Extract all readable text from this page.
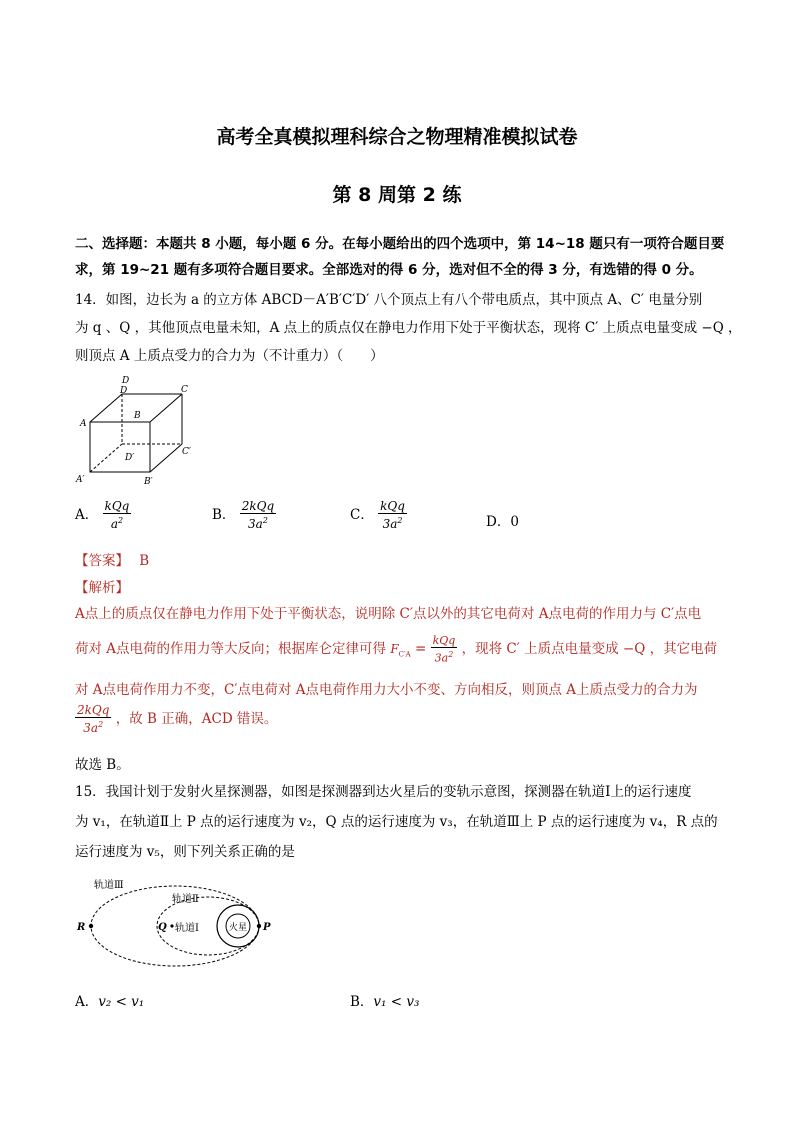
高考全真模拟理科综合之物理精准模拟试卷
第 8 周第 2 练
二、选择题：本题共 8 小题，每小题 6 分。在每小题给出的四个选项中，第 14~18 题只有一项符合题目要
求，第 19~21 题有多项符合题目要求。全部选对的得 6 分，选对但不全的得 3 分，有选错的得 0 分。
14．如图，边长为 a 的立方体 ABCD－A′B′C′D′ 八个顶点上有八个带电质点，其中顶点 A、C′ 电量分别
为 q 、Q ，其他顶点电量未知，A 点上的质点仅在静电力作用下处于平衡状态，现将 C′ 上质点电量变成 −Q ，
则顶点 A 上质点受力的合力为（不计重力）（　　）
D
D	C
A
B
D′
C′
A′	B′
A． $\frac{\text{kQq}}{a^2}$	B． $\frac{\text{2kQq}}{3a^2}$	C． $\frac{\text{kQq}}{3a^2}$	D．0
【答案】 B
【解析】
A点上的质点仅在静电力作用下处于平衡状态，说明除 C′点以外的其它电荷对 A点电荷的作用力与 C′点电
荷对 A点电荷的作用力等大反向；根据库仑定律可得 $F_{C'A} = \frac{\text{kQq}}{3a^2}$ ，现将 C′ 上质点电量变成 −Q ，其它电荷
对 A点电荷作用力不变，C′点电荷对 A点电荷作用力大小不变、方向相反，则顶点 A上质点受力的合力为
$\frac{\text{2kQq}}{3a^2}$ ，故 B 正确，ACD 错误。
故选 B。
15．我国计划于发射火星探测器，如图是探测器到达火星后的变轨示意图，探测器在轨道Ⅰ上的运行速度
为 v₁，在轨道Ⅱ上 P 点的运行速度为 v₂，Q 点的运行速度为 v₃，在轨道Ⅲ上 P 点的运行速度为 v₄，R 点的
运行速度为 v₅，则下列关系正确的是
火星
R	Q	P
轨道Ⅲ
轨道Ⅱ
轨道Ⅰ
A．v₂ < v₁	B．v₁ < v₃
